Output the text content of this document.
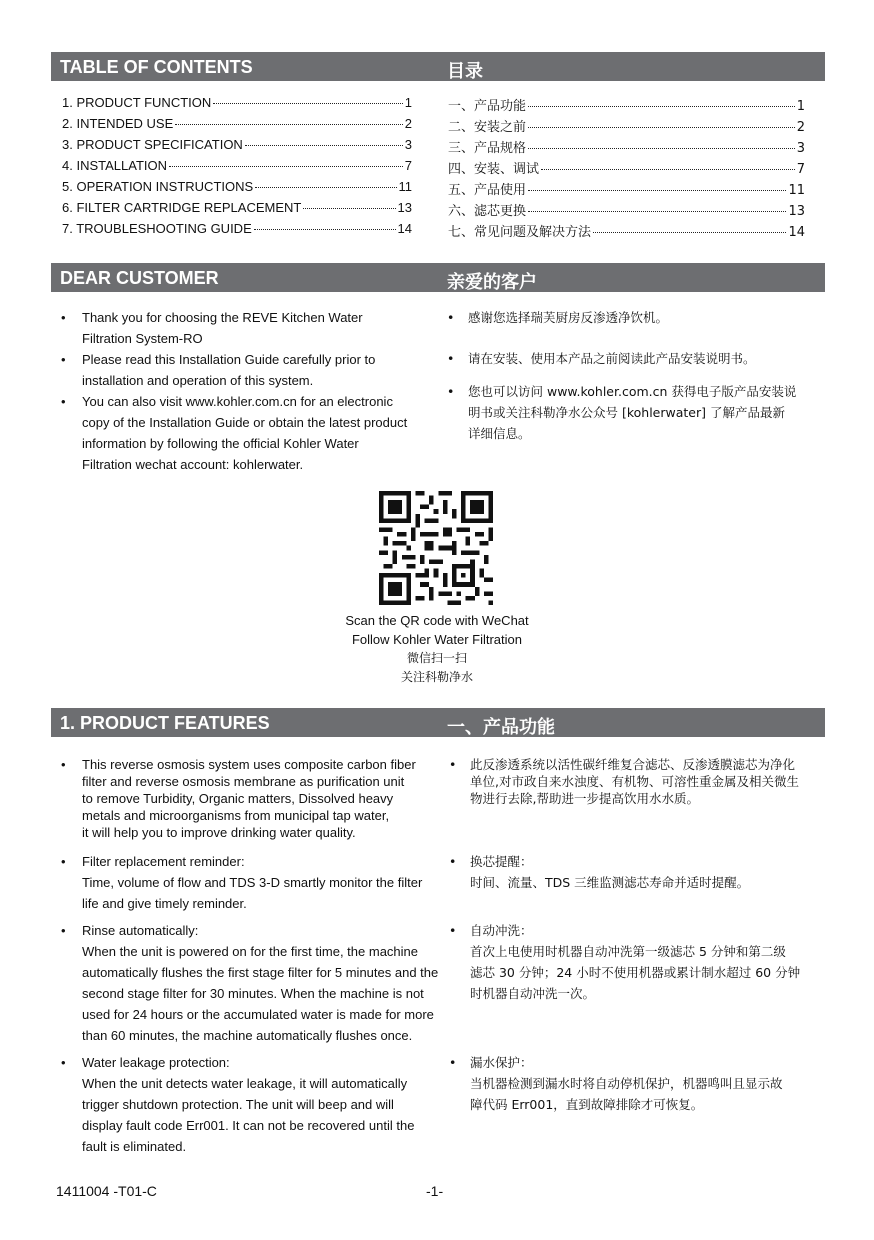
TABLE OF CONTENTS	目录
1. PRODUCT FUNCTION	1
2. INTENDED USE	2
3. PRODUCT SPECIFICATION	3
4. INSTALLATION	7
5. OPERATION INSTRUCTIONS	11
6. FILTER CARTRIDGE REPLACEMENT	13
7. TROUBLESHOOTING GUIDE	14
一、产品功能	1
二、安装之前	2
三、产品规格	3
四、安装、调试	7
五、产品使用	11
六、滤芯更换	13
七、常见问题及解决方法	14
DEAR CUSTOMER	亲爱的客户
• Thank you for choosing the REVE Kitchen Water
Filtration System-RO
• Please read this Installation Guide carefully prior to
installation and operation of this system.
• You can also visit www.kohler.com.cn for an electronic
copy of the Installation Guide or obtain the latest product
information by following the official Kohler Water
Filtration wechat account: kohlerwater.
• 感谢您选择瑞芙厨房反渗透净饮机。
• 请在安装、使用本产品之前阅读此产品安装说明书。
• 您也可以访问 www.kohler.com.cn 获得电子版产品安装说
明书或关注科勒净水公众号 [kohlerwater] 了解产品最新
详细信息。
Scan the QR code with WeChat
Follow Kohler Water Filtration
微信扫一扫
关注科勒净水
1. PRODUCT FEATURES	一、产品功能
• This reverse osmosis system uses composite carbon fiber
filter and reverse osmosis membrane as purification unit
to remove Turbidity, Organic matters, Dissolved heavy
metals and microorganisms from municipal tap water,
it will help you to improve drinking water quality.
• Filter replacement reminder:
Time, volume of flow and TDS 3-D smartly monitor the filter
life and give timely reminder.
• Rinse automatically:
When the unit is powered on for the first time, the machine
automatically flushes the first stage filter for 5 minutes and the
second stage filter for 30 minutes. When the machine is not
used for 24 hours or the accumulated water is made for more
than 60 minutes, the machine automatically flushes once.
• Water leakage protection:
When the unit detects water leakage, it will automatically
trigger shutdown protection. The unit will beep and will
display fault code Err001. It can not be recovered until the
fault is eliminated.
• 此反渗透系统以活性碳纤维复合滤芯、反渗透膜滤芯为净化
单位,对市政自来水浊度、有机物、可溶性重金属及相关微生
物进行去除,帮助进一步提高饮用水水质。
• 换芯提醒：
时间、流量、TDS 三维监测滤芯寿命并适时提醒。
• 自动冲洗：
首次上电使用时机器自动冲洗第一级滤芯 5 分钟和第二级
滤芯 30 分钟；24 小时不使用机器或累计制水超过 60 分钟
时机器自动冲洗一次。
• 漏水保护：
当机器检测到漏水时将自动停机保护，机器鸣叫且显示故
障代码 Err001，直到故障排除才可恢复。
1411004 -T01-C	-1-
